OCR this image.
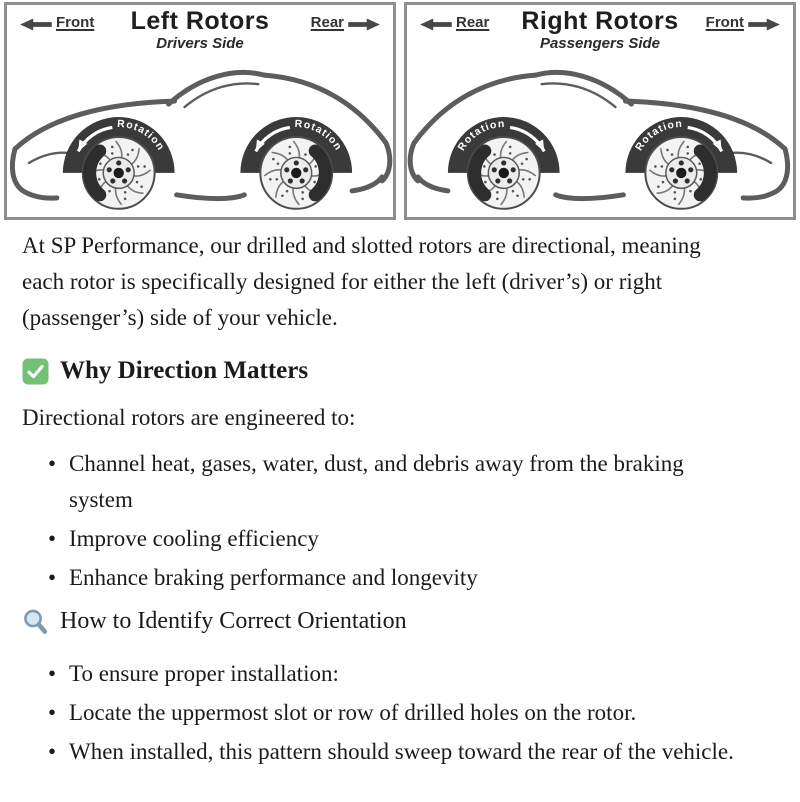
Front	Left Rotors
Drivers Side
Rear	Rear	Right Rotors
Passengers Side
Front

At SP Performance, our drilled and slotted rotors are directional, meaning each rotor is specifically designed for either the left (driver’s) or right (passenger’s) side of your vehicle.

Why Direction Matters

Directional rotors are engineered to:

• Channel heat, gases, water, dust, and debris away from the braking system
• Improve cooling efficiency
• Enhance braking performance and longevity
How to Identify Correct Orientation
• To ensure proper installation:
• Locate the uppermost slot or row of drilled holes on the rotor.
• When installed, this pattern should sweep toward the rear of the vehicle.
